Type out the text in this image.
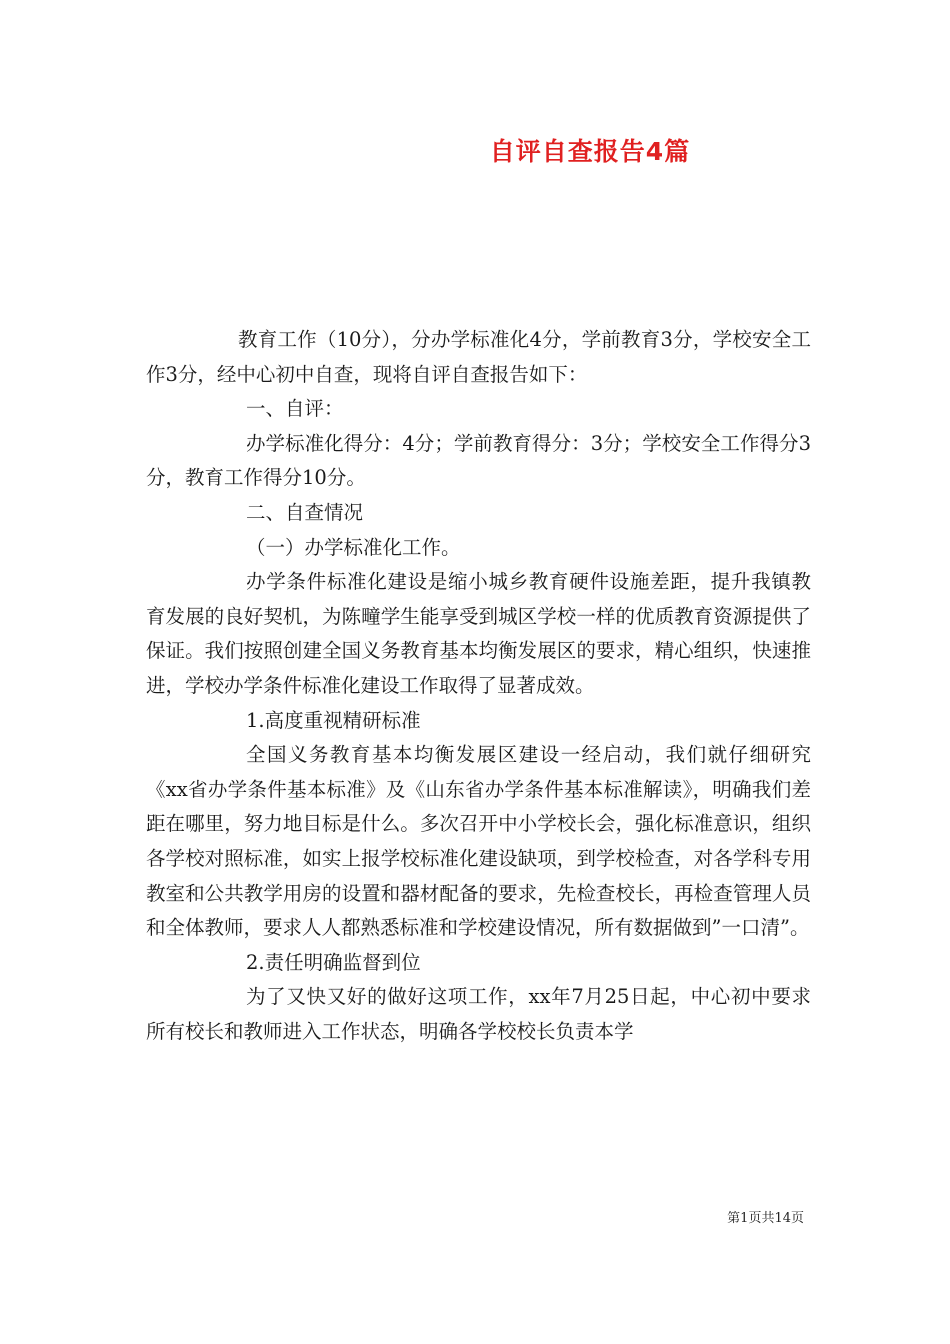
自评自查报告4篇

教育工作（10分），分办学标准化4分，学前教育3分，学校安全工作3分，经中心初中自查，现将自评自查报告如下：

一、自评：

办学标准化得分：4分；学前教育得分：3分；学校安全工作得分3分，教育工作得分10分。

二、自查情况

（一）办学标准化工作。

办学条件标准化建设是缩小城乡教育硬件设施差距，提升我镇教育发展的良好契机，为陈疃学生能享受到城区学校一样的优质教育资源提供了保证。我们按照创建全国义务教育基本均衡发展区的要求，精心组织，快速推进，学校办学条件标准化建设工作取得了显著成效。

1.高度重视精研标准

全国义务教育基本均衡发展区建设一经启动，我们就仔细研究《xx省办学条件基本标准》及《山东省办学条件基本标准解读》，明确我们差距在哪里，努力地目标是什么。多次召开中小学校长会，强化标准意识，组织各学校对照标准，如实上报学校标准化建设缺项，到学校检查，对各学科专用教室和公共教学用房的设置和器材配备的要求，先检查校长，再检查管理人员和全体教师，要求人人都熟悉标准和学校建设情况，所有数据做到”一口清”。

2.责任明确监督到位

为了又快又好的做好这项工作，xx年7月25日起，中心初中要求所有校长和教师进入工作状态，明确各学校校长负责本学

第1页共14页
